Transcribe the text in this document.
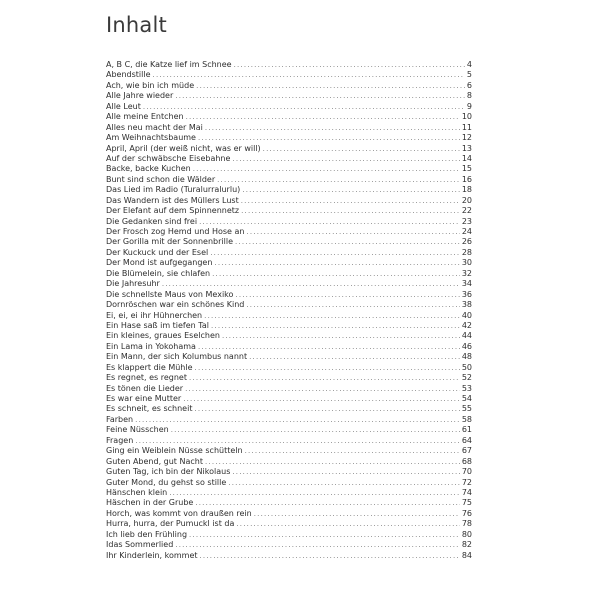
Inhalt
A, B C, die Katze lief im Schnee .....	4
Abendstille .....	5
Ach, wie bin ich müde .....	6
Alle Jahre wieder .....	8
Alle Leut .....	9
Alle meine Entchen .....	10
Alles neu macht der Mai .....	11
Am Weihnachtsbaume .....	12
April, April (der weiß nicht, was er will) .....	13
Auf der schwäbsche Eisebahne .....	14
Backe, backe Kuchen .....	15
Bunt sind schon die Wälder .....	16
Das Lied im Radio (Turalurralurlu) .....	18
Das Wandern ist des Müllers Lust .....	20
Der Elefant auf dem Spinnennetz .....	22
Die Gedanken sind frei .....	23
Der Frosch zog Hemd und Hose an .....	24
Der Gorilla mit der Sonnenbrille .....	26
Der Kuckuck und der Esel .....	28
Der Mond ist aufgegangen .....	30
Die Blümelein, sie chlafen .....	32
Die Jahresuhr .....	34
Die schnellste Maus von Mexiko .....	36
Dornröschen war ein schönes Kind .....	38
Ei, ei, ei ihr Hühnerchen .....	40
Ein Hase saß im tiefen Tal .....	42
Ein kleines, graues Eselchen .....	44
Ein Lama in Yokohama .....	46
Ein Mann, der sich Kolumbus nannt .....	48
Es klappert die Mühle .....	50
Es regnet, es regnet .....	52
Es tönen die Lieder .....	53
Es war eine Mutter .....	54
Es schneit, es schneit .....	55
Farben .....	58
Feine Nüsschen .....	61
Fragen .....	64
Ging ein Weiblein Nüsse schütteln .....	67
Guten Abend, gut Nacht .....	68
Guten Tag, ich bin der Nikolaus .....	70
Guter Mond, du gehst so stille .....	72
Hänschen klein .....	74
Häschen in der Grube .....	75
Horch, was kommt von draußen rein .....	76
Hurra, hurra, der Pumuckl ist da .....	78
Ich lieb den Frühling .....	80
Idas Sommerlied .....	82
Ihr Kinderlein, kommet .....	84
